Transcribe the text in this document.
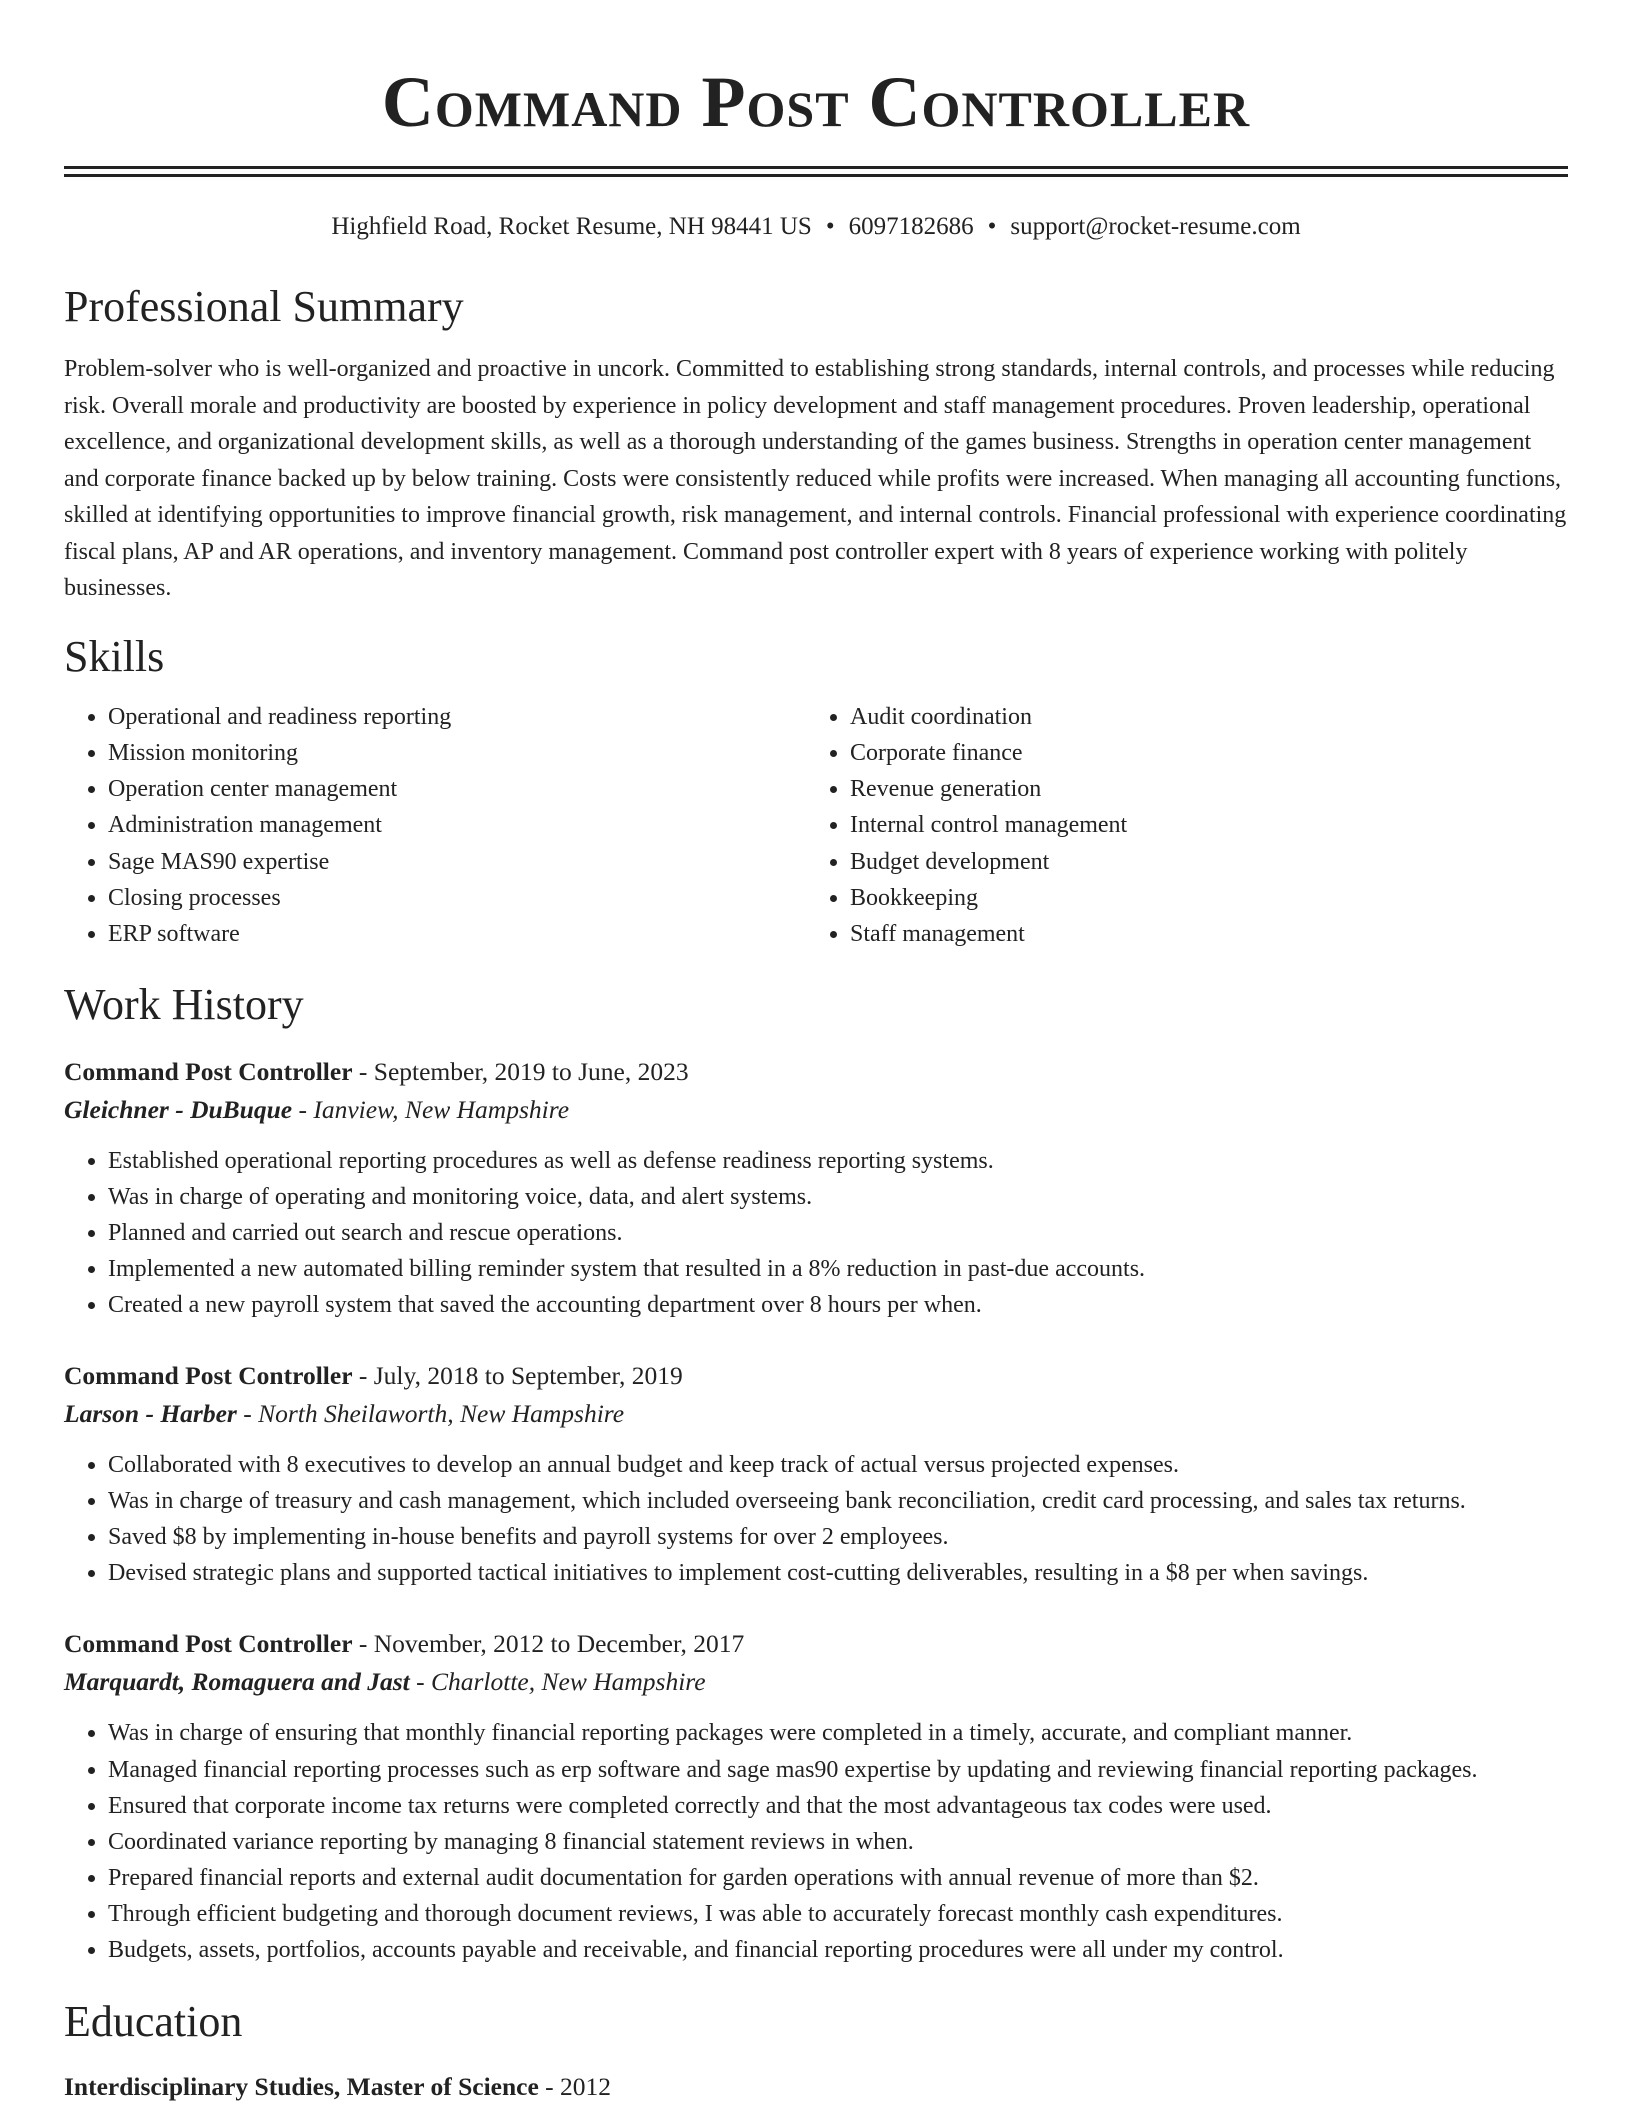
Command Post Controller
Highfield Road, Rocket Resume, NH 98441 US • 6097182686 • support@rocket-resume.com
Professional Summary
Problem-solver who is well-organized and proactive in uncork. Committed to establishing strong standards, internal controls, and processes while reducing risk. Overall morale and productivity are boosted by experience in policy development and staff management procedures. Proven leadership, operational excellence, and organizational development skills, as well as a thorough understanding of the games business. Strengths in operation center management and corporate finance backed up by below training. Costs were consistently reduced while profits were increased. When managing all accounting functions, skilled at identifying opportunities to improve financial growth, risk management, and internal controls. Financial professional with experience coordinating fiscal plans, AP and AR operations, and inventory management. Command post controller expert with 8 years of experience working with politely businesses.
Skills
• Operational and readiness reporting
• Mission monitoring
• Operation center management
• Administration management
• Sage MAS90 expertise
• Closing processes
• ERP software
• Audit coordination
• Corporate finance
• Revenue generation
• Internal control management
• Budget development
• Bookkeeping
• Staff management
Work History
Command Post Controller - September, 2019 to June, 2023
Gleichner - DuBuque - Ianview, New Hampshire
• Established operational reporting procedures as well as defense readiness reporting systems.
• Was in charge of operating and monitoring voice, data, and alert systems.
• Planned and carried out search and rescue operations.
• Implemented a new automated billing reminder system that resulted in a 8% reduction in past-due accounts.
• Created a new payroll system that saved the accounting department over 8 hours per when.
Command Post Controller - July, 2018 to September, 2019
Larson - Harber - North Sheilaworth, New Hampshire
• Collaborated with 8 executives to develop an annual budget and keep track of actual versus projected expenses.
• Was in charge of treasury and cash management, which included overseeing bank reconciliation, credit card processing, and sales tax returns.
• Saved $8 by implementing in-house benefits and payroll systems for over 2 employees.
• Devised strategic plans and supported tactical initiatives to implement cost-cutting deliverables, resulting in a $8 per when savings.
Command Post Controller - November, 2012 to December, 2017
Marquardt, Romaguera and Jast - Charlotte, New Hampshire
• Was in charge of ensuring that monthly financial reporting packages were completed in a timely, accurate, and compliant manner.
• Managed financial reporting processes such as erp software and sage mas90 expertise by updating and reviewing financial reporting packages.
• Ensured that corporate income tax returns were completed correctly and that the most advantageous tax codes were used.
• Coordinated variance reporting by managing 8 financial statement reviews in when.
• Prepared financial reports and external audit documentation for garden operations with annual revenue of more than $2.
• Through efficient budgeting and thorough document reviews, I was able to accurately forecast monthly cash expenditures.
• Budgets, assets, portfolios, accounts payable and receivable, and financial reporting procedures were all under my control.
Education
Interdisciplinary Studies, Master of Science - 2012
